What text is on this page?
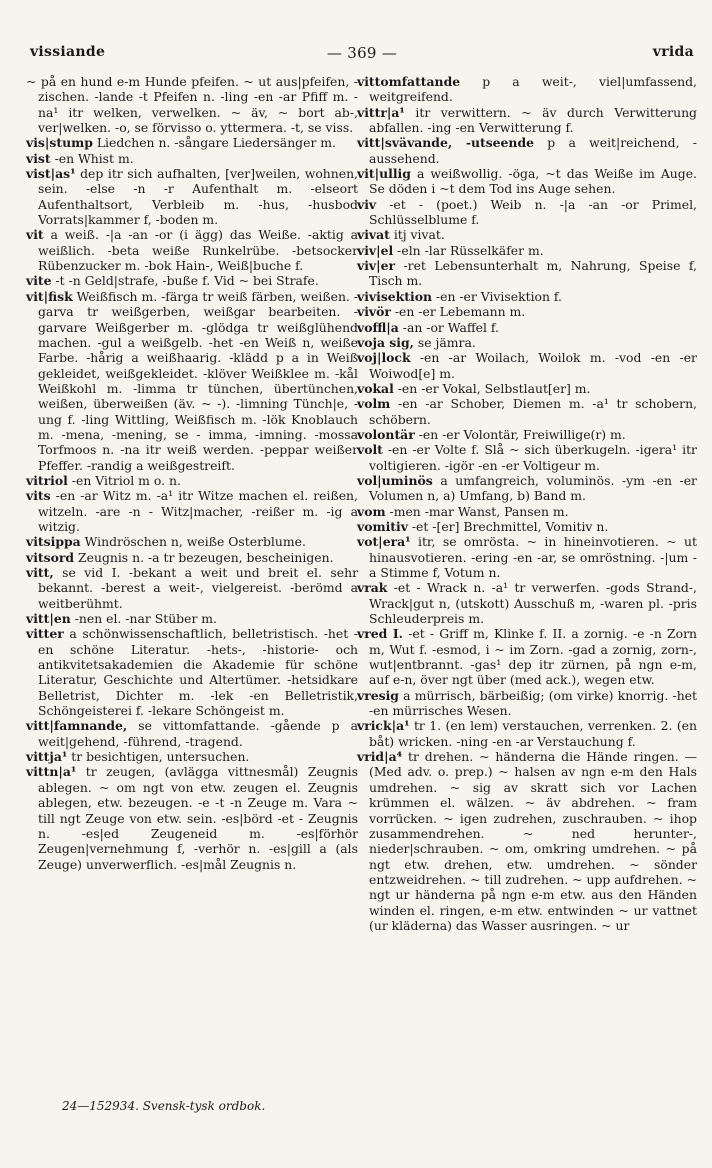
vissiande	— 369 —	vrida

~ på en hund e-m Hunde pfeifen. ~ ut aus|pfeifen, -zischen. -lande -t Pfeifen n. -ling -en -ar Pfiff m. -na¹ itr welken, verwelken. ~ äv, ~ bort ab-, ver|welken. -o, se förvisso o. yttermera. -t, se viss.

vis|stump Liedchen n. -sångare Liedersänger m.

vist -en Whist m.

vist|as¹ dep itr sich aufhalten, [ver]weilen, wohnen, sein. -else -n -r Aufenthalt m. -elseort Aufenthaltsort, Verbleib m. -hus, -husbod Vorrats|kammer f, -boden m.

vit a weiß. -|a -an -or (i ägg) das Weiße. -aktig a weißlich. -beta weiße Runkelrübe. -betsocker Rübenzucker m. -bok Hain-, Weiß|buche f.

vite -t -n Geld|strafe, -buße f. Vid ~ bei Strafe.

vit|fisk Weißfisch m. -färga tr weiß färben, weißen. -garva tr weißgerben, weißgar bearbeiten. -garvare Weißgerber m. -glödga tr weißglühend machen. -gul a weißgelb. -het -en Weiß n, weiße Farbe. -hårig a weißhaarig. -klädd p a in Weiß gekleidet, weißgekleidet. -klöver Weißklee m. -kål Weißkohl m. -limma tr tünchen, übertünchen, weißen, überweißen (äv. ~ -). -limning Tünch|e, -ung f. -ling Wittling, Weißfisch m. -lök Knoblauch m. -mena, -mening, se - imma, -imning. -mossa Torfmoos n. -na itr weiß werden. -peppar weißer Pfeffer. -randig a weißgestreift.

vitriol -en Vitriol m o. n.

vits -en -ar Witz m. -a¹ itr Witze machen el. reißen, witzeln. -are -n - Witz|macher, -reißer m. -ig a witzig.

vitsippa Windröschen n, weiße Osterblume.

vitsord Zeugnis n. -a tr bezeugen, bescheinigen.

vitt, se vid I. -bekant a weit und breit el. sehr bekannt. -berest a weit-, vielgereist. -berömd a weitberühmt.

vitt|en -nen el. -nar Stüber m.

vitter a schönwissenschaftlich, belletristisch. -het -en schöne Literatur. -hets-, -historie- och antikvitetsakademien die Akademie für schöne Literatur, Geschichte und Altertümer. -hetsidkare Belletrist, Dichter m. -lek -en Belletristik, Schöngeisterei f. -lekare Schöngeist m.

vitt|famnande, se vittomfattande. -gående p a weit|gehend, -führend, -tragend.

vittja¹ tr besichtigen, untersuchen.

vittn|a¹ tr zeugen, (avlägga vittnesmål) Zeugnis ablegen. ~ om ngt von etw. zeugen el. Zeugnis ablegen, etw. bezeugen. -e -t -n Zeuge m. Vara ~ till ngt Zeuge von etw. sein. -es|börd -et - Zeugnis n. -es|ed Zeugeneid m. -es|förhör Zeugen|vernehmung f, -verhör n. -es|gill a (als Zeuge) unverwerflich. -es|mål Zeugnis n.

vittomfattande p a weit-, viel|umfassend, weitgreifend.

vittr|a¹ itr verwittern. ~ äv durch Verwitterung abfallen. -ing -en Verwitterung f.

vitt|svävande, -utseende p a weit|reichend, -aussehend.

vit|ullig a weißwollig. -öga, ~t das Weiße im Auge. Se döden i ~t dem Tod ins Auge sehen.

viv -et - (poet.) Weib n. -|a -an -or Primel, Schlüsselblume f.

vivat itj vivat.

viv|el -eln -lar Rüsselkäfer m.

viv|er -ret Lebensunterhalt m, Nahrung, Speise f, Tisch m.

vivisektion -en -er Vivisektion f.

vivör -en -er Lebemann m.

voffl|a -an -or Waffel f.

voja sig, se jämra.

voj|lock -en -ar Woilach, Woilok m. -vod -en -er Woiwod[e] m.

vokal -en -er Vokal, Selbstlaut[er] m.

volm -en -ar Schober, Diemen m. -a¹ tr schobern, schöbern.

volontär -en -er Volontär, Freiwillige(r) m.

volt -en -er Volte f. Slå ~ sich überkugeln. -igera¹ itr voltigieren. -igör -en -er Voltigeur m.

vol|uminös a umfangreich, voluminös. -ym -en -er Volumen n, a) Umfang, b) Band m.

vom -men -mar Wanst, Pansen m.

vomitiv -et -[er] Brechmittel, Vomitiv n.

vot|era¹ itr, se omrösta. ~ in hineinvotieren. ~ ut hinausvotieren. -ering -en -ar, se omröstning. -|um - a Stimme f, Votum n.

vrak -et - Wrack n. -a¹ tr verwerfen. -gods Strand-, Wrack|gut n, (utskott) Ausschuß m, -waren pl. -pris Schleuderpreis m.

vred I. -et - Griff m, Klinke f. II. a zornig. -e -n Zorn m, Wut f. -esmod, i ~ im Zorn. -gad a zornig, zorn-, wut|entbrannt. -gas¹ dep itr zürnen, på ngn e-m, auf e-n, över ngt über (med ack.), wegen etw.

vresig a mürrisch, bärbeißig; (om virke) knorrig. -het -en mürrisches Wesen.

vrick|a¹ tr 1. (en lem) verstauchen, verrenken. 2. (en båt) wricken. -ning -en -ar Verstauchung f.

vrid|a⁴ tr drehen. ~ händerna die Hände ringen. — (Med adv. o. prep.) ~ halsen av ngn e-m den Hals umdrehen. ~ sig av skratt sich vor Lachen krümmen el. wälzen. ~ äv abdrehen. ~ fram vorrücken. ~ igen zudrehen, zuschrauben. ~ ihop zusammendrehen. ~ ned herunter-, nieder|schrauben. ~ om, omkring umdrehen. ~ på ngt etw. drehen, etw. umdrehen. ~ sönder entzweidrehen. ~ till zudrehen. ~ upp aufdrehen. ~ ngt ur händerna på ngn e-m etw. aus den Händen winden el. ringen, e-m etw. entwinden ~ ur vattnet (ur kläderna) das Wasser ausringen. ~ ur

24—152934. Svensk-tysk ordbok.
